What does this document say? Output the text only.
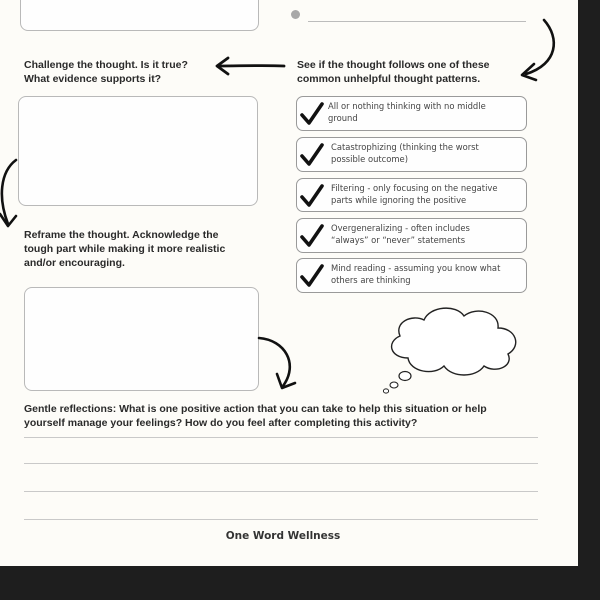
Challenge the thought. Is it true?
What evidence supports it?
See if the thought follows one of these
common unhelpful thought patterns.
Reframe the thought. Acknowledge the
tough part while making it more realistic
and/or encouraging.
All or nothing thinking with no middle
ground
Catastrophizing (thinking the worst
possible outcome)
Filtering - only focusing on the negative
parts while ignoring the positive
Overgeneralizing - often includes
“always” or “never” statements
Mind reading - assuming you know what
others are thinking
Gentle reflections: What is one positive action that you can take to help this situation or help
yourself manage your feelings? How do you feel after completing this activity?
One Word Wellness
